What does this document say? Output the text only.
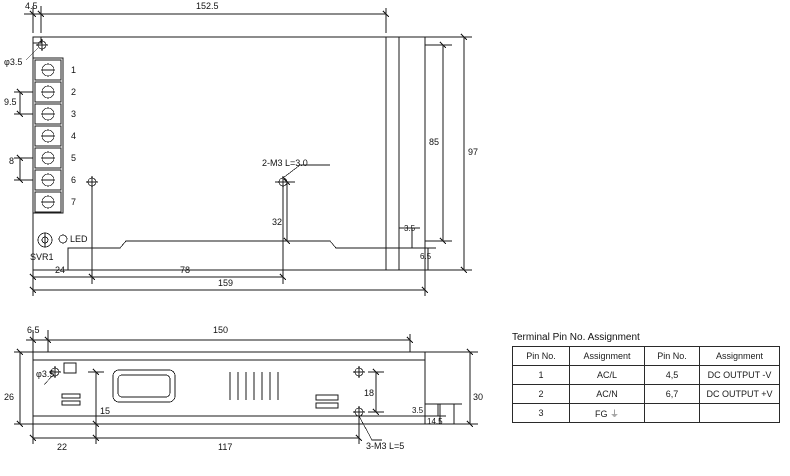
4.5	152.5
φ3.5
9.5
8
85
97
32
3.5
6.5
24	78
159
2-M3 L=3.0
1
2
3
4
5
6
7
LED
SVR1
6.5	150
φ3.5
26
15
18
3.5
14.5
30
22	117	3-M3 L=5
Terminal Pin No. Assignment
Pin No.	Assignment	Pin No.	Assignment
1	AC/L	4,5	DC OUTPUT -V
2	AC/N	6,7	DC OUTPUT +V
3	FG ⏚		
